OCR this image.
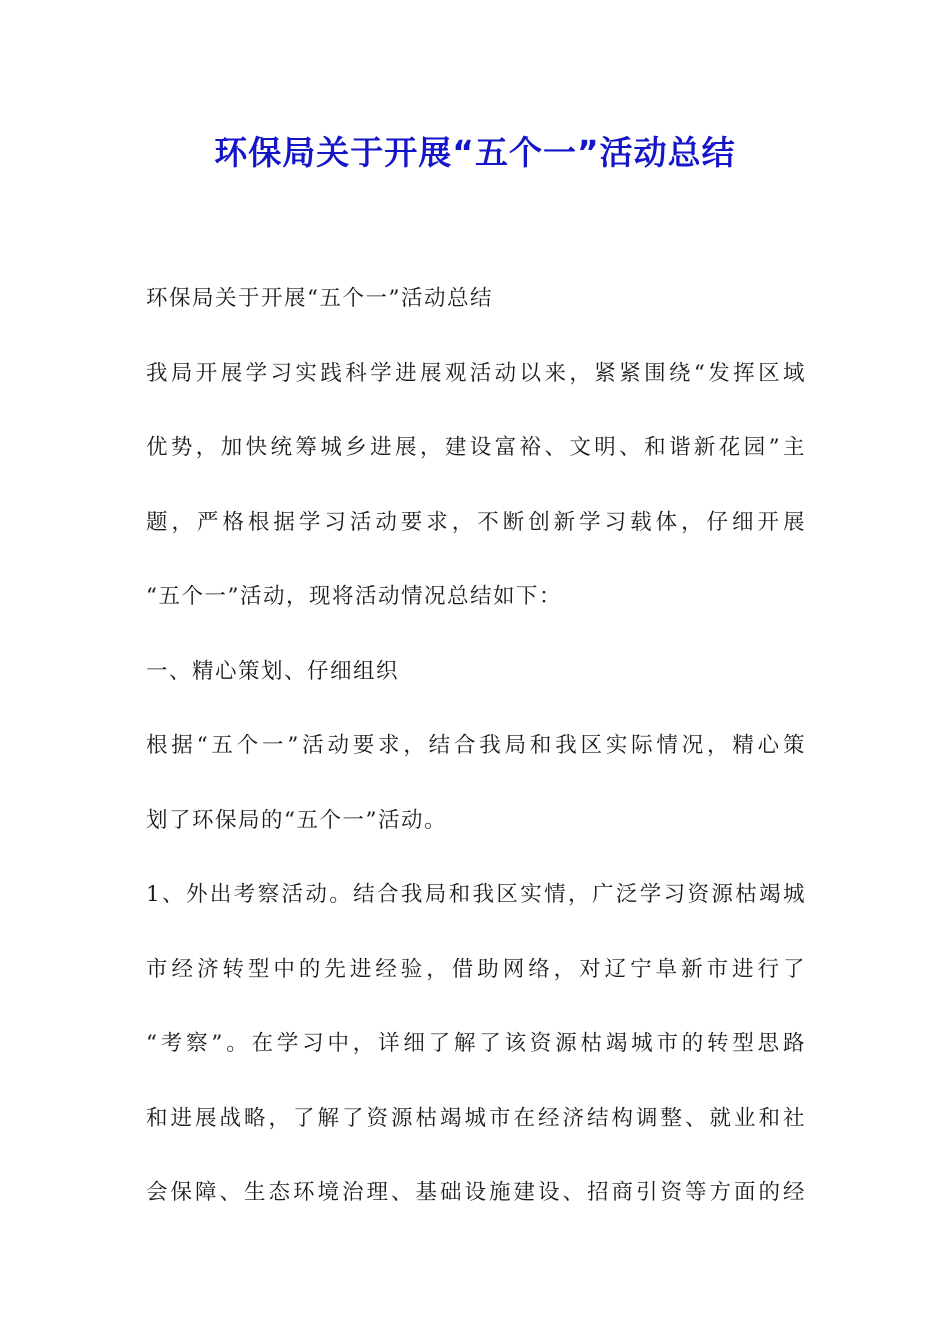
环保局关于开展“五个一”活动总结

环保局关于开展“五个一”活动总结
我局开展学习实践科学进展观活动以来，紧紧围绕“发挥区域
优势，加快统筹城乡进展，建设富裕、文明、和谐新花园”主
题，严格根据学习活动要求，不断创新学习载体，仔细开展
“五个一”活动，现将活动情况总结如下：
一、精心策划、仔细组织
根据“五个一”活动要求，结合我局和我区实际情况，精心策
划了环保局的“五个一”活动。
1、外出考察活动。结合我局和我区实情，广泛学习资源枯竭城
市经济转型中的先进经验，借助网络，对辽宁阜新市进行了
“考察”。在学习中，详细了解了该资源枯竭城市的转型思路
和进展战略，了解了资源枯竭城市在经济结构调整、就业和社
会保障、生态环境治理、基础设施建设、招商引资等方面的经
